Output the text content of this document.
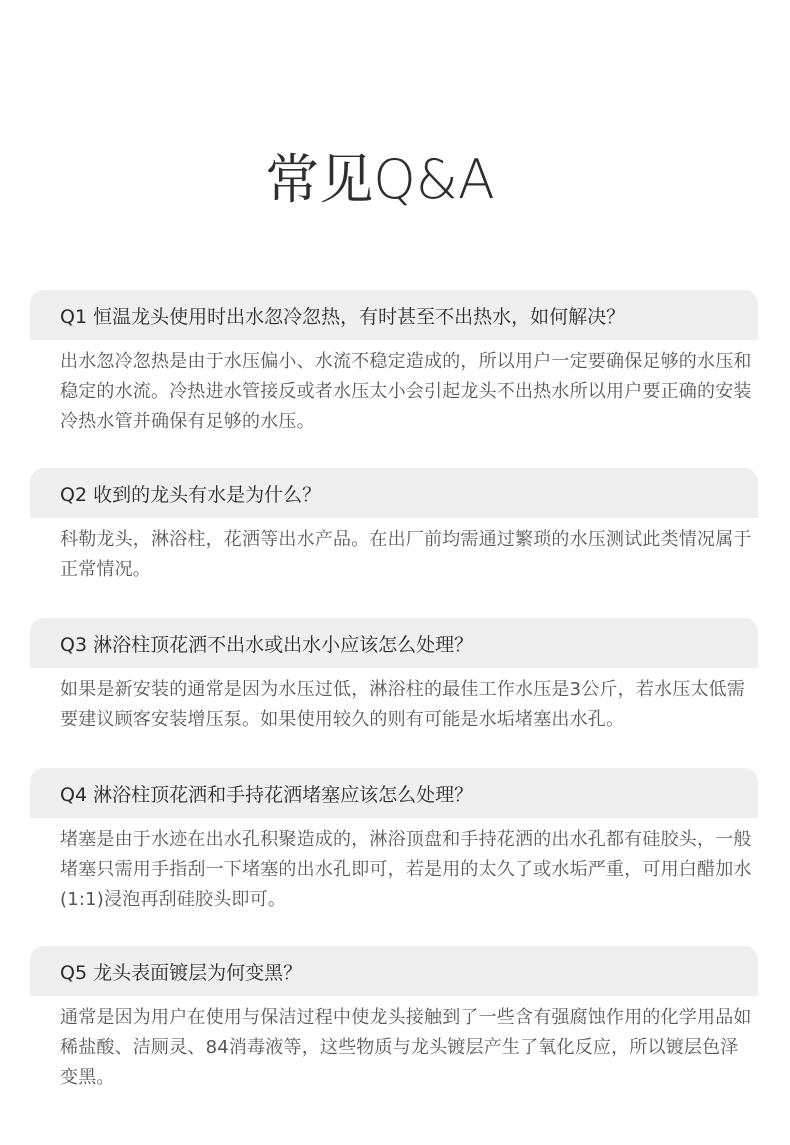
常见Q&A
Q1 恒温龙头使用时出水忽冷忽热，有时甚至不出热水，如何解决？
出水忽冷忽热是由于水压偏小、水流不稳定造成的，所以用户一定要确保足够的水压和稳定的水流。冷热进水管接反或者水压太小会引起龙头不出热水所以用户要正确的安装冷热水管并确保有足够的水压。
Q2 收到的龙头有水是为什么？
科勒龙头，淋浴柱，花洒等出水产品。在出厂前均需通过繁琐的水压测试此类情况属于正常情况。
Q3 淋浴柱顶花洒不出水或出水小应该怎么处理？
如果是新安装的通常是因为水压过低，淋浴柱的最佳工作水压是3公斤，若水压太低需要建议顾客安装增压泵。如果使用较久的则有可能是水垢堵塞出水孔。
Q4 淋浴柱顶花洒和手持花洒堵塞应该怎么处理？
堵塞是由于水迹在出水孔积聚造成的，淋浴顶盘和手持花洒的出水孔都有硅胶头，一般堵塞只需用手指刮一下堵塞的出水孔即可，若是用的太久了或水垢严重，可用白醋加水(1:1)浸泡再刮硅胶头即可。
Q5 龙头表面镀层为何变黑？
通常是因为用户在使用与保洁过程中使龙头接触到了一些含有强腐蚀作用的化学用品如稀盐酸、洁厕灵、84消毒液等，这些物质与龙头镀层产生了氧化反应，所以镀层色泽变黑。
